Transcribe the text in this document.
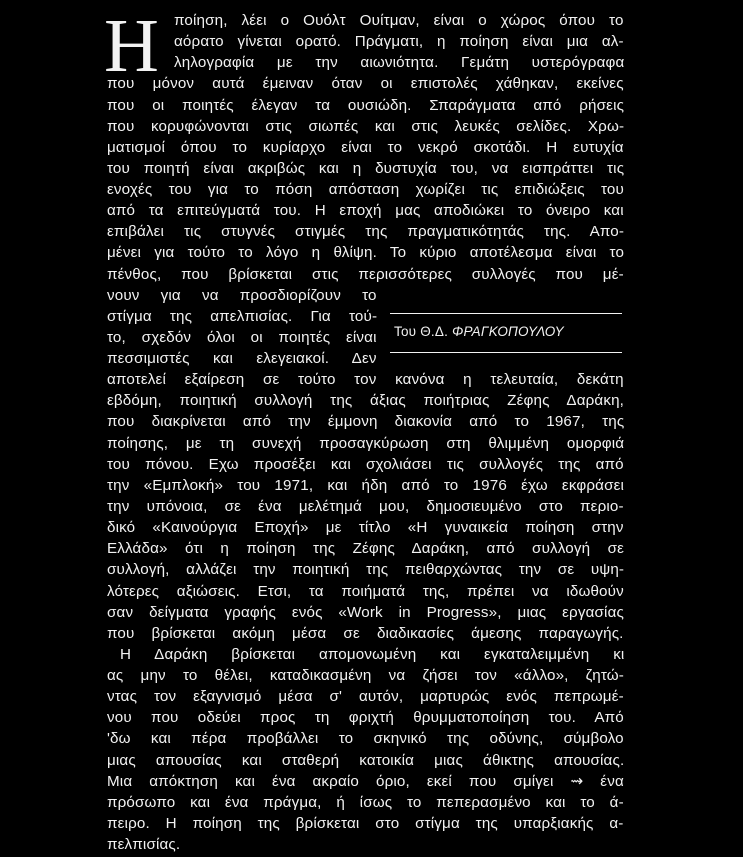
Η
Του Θ.Δ. ΦΡΑΓΚΟΠΟΥΛΟΥ
ποίηση, λέει ο Ουόλτ Ουίτμαν, είναι ο χώρος όπου το
αόρατο γίνεται ορατό. Πράγματι, η ποίηση είναι μια αλ-
ληλογραφία με την αιωνιότητα. Γεμάτη υστερόγραφα
που μόνον αυτά έμειναν όταν οι επιστολές χάθηκαν, εκείνες
που οι ποιητές έλεγαν τα ουσιώδη. Σπαράγματα από ρήσεις
που κορυφώνονται στις σιωπές και στις λευκές σελίδες. Χρω-
ματισμοί όπου το κυρίαρχο είναι το νεκρό σκοτάδι. Η ευτυχία
του ποιητή είναι ακριβώς και η δυστυχία του, να εισπράττει τις
ενοχές του για το πόση απόσταση χωρίζει τις επιδιώξεις του
από τα επιτεύγματά του. Η εποχή μας αποδιώκει το όνειρο και
επιβάλει τις στυγνές στιγμές της πραγματικότητάς της. Απο-
μένει για τούτο το λόγο η θλίψη. Το κύριο αποτέλεσμα είναι το
πένθος, που βρίσκεται στις περισσότερες συλλογές που μέ-
νουν για να προσδιορίζουν το
στίγμα της απελπισίας. Για τού-
το, σχεδόν όλοι οι ποιητές είναι
πεσσιμιστές και ελεγειακοί. Δεν
αποτελεί εξαίρεση σε τούτο τον κανόνα η τελευταία, δεκάτη
εβδόμη, ποιητική συλλογή της άξιας ποιήτριας Ζέφης Δαράκη,
που διακρίνεται από την έμμονη διακονία από το 1967, της
ποίησης, με τη συνεχή προσαγκύρωση στη θλιμμένη ομορφιά
του πόνου. Εχω προσέξει και σχολιάσει τις συλλογές της από
την «Εμπλοκή» του 1971, και ήδη από το 1976 έχω εκφράσει
την υπόνοια, σε ένα μελέτημά μου, δημοσιευμένο στο περιο-
δικό «Καινούργια Εποχή» με τίτλο «Η γυναικεία ποίηση στην
Ελλάδα» ότι η ποίηση της Ζέφης Δαράκη, από συλλογή σε
συλλογή, αλλάζει την ποιητική της πειθαρχώντας την σε υψη-
λότερες αξιώσεις. Ετσι, τα ποιήματά της, πρέπει να ιδωθούν
σαν δείγματα γραφής ενός «Work in Progress», μιας εργασίας
που βρίσκεται ακόμη μέσα σε διαδικασίες άμεσης παραγωγής.
Η Δαράκη βρίσκεται απομονωμένη και εγκαταλειμμένη κι
ας μην το θέλει, καταδικασμένη να ζήσει τον «άλλο», ζητώ-
ντας τον εξαγνισμό μέσα σ' αυτόν, μαρτυρώς ενός πεπρωμέ-
νου που οδεύει προς τη φριχτή θρυμματοποίηση του. Από
'δω και πέρα προβάλλει το σκηνικό της οδύνης, σύμβολο
μιας απουσίας και σταθερή κατοικία μιας άθικτης απουσίας.
Μια απόκτηση και ένα ακραίο όριο, εκεί που σμίγει ⇝ ένα
πρόσωπο και ένα πράγμα, ή ίσως το πεπερασμένο και το ά-
πειρο. Η ποίηση της βρίσκεται στο στίγμα της υπαρξιακής α-
πελπισίας.
